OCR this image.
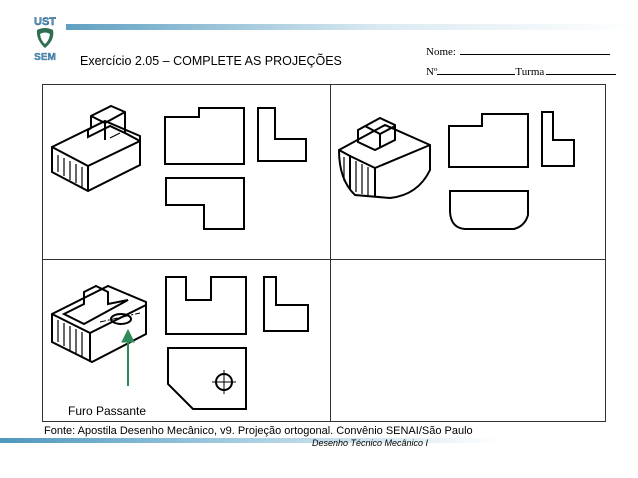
UST
SEM Exercício 2.05 – COMPLETE AS PROJEÇÕES
Nome:
Nº	Turma
Furo Passante
Fonte: Apostila Desenho Mecânico, v9. Projeção ortogonal. Convênio SENAI/São Paulo
Desenho Técnico Mecânico I
